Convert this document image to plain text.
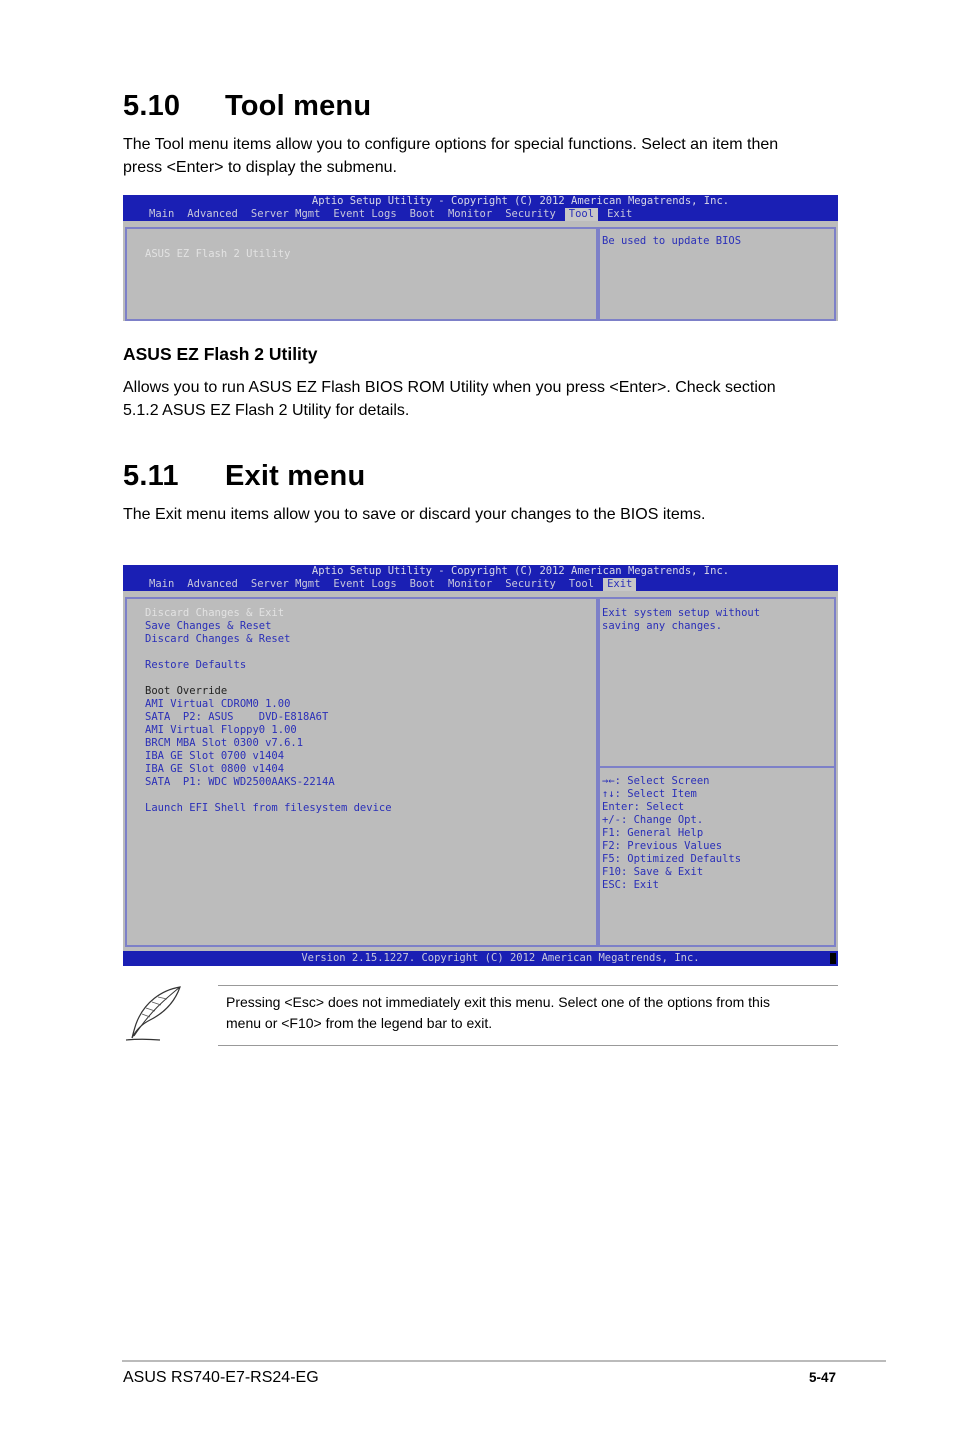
5.10 Tool menu

The Tool menu items allow you to configure options for special functions. Select an item then
press <Enter> to display the submenu.

Aptio Setup Utility - Copyright (C) 2012 American Megatrends, Inc.
Main Advanced Server Mgmt Event Logs Boot Monitor Security Tool Exit
ASUS EZ Flash 2 Utility
Be used to update BIOS
ASUS EZ Flash 2 Utility

Allows you to run ASUS EZ Flash BIOS ROM Utility when you press <Enter>. Check section
5.1.2 ASUS EZ Flash 2 Utility for details.

5.11 Exit menu

The Exit menu items allow you to save or discard your changes to the BIOS items.

Aptio Setup Utility - Copyright (C) 2012 American Megatrends, Inc.
Main Advanced Server Mgmt Event Logs Boot Monitor Security Tool Exit
Discard Changes & Exit
Save Changes & Reset
Discard Changes & Reset
Restore Defaults
Boot Override
AMI Virtual CDROM0 1.00
SATA  P2: ASUS    DVD-E818A6T
AMI Virtual Floppy0 1.00
BRCM MBA Slot 0300 v7.6.1
IBA GE Slot 0700 v1404
IBA GE Slot 0800 v1404
SATA  P1: WDC WD2500AAKS-2214A
Launch EFI Shell from filesystem device
Exit system setup without
saving any changes.
→←: Select Screen
↑↓: Select Item
Enter: Select
+/-: Change Opt.
F1: General Help
F2: Previous Values
F5: Optimized Defaults
F10: Save & Exit
ESC: Exit
Version 2.15.1227. Copyright (C) 2012 American Megatrends, Inc.

Pressing <Esc> does not immediately exit this menu. Select one of the options from this
menu or <F10> from the legend bar to exit.

ASUS RS740-E7-RS24-EG	5-47
